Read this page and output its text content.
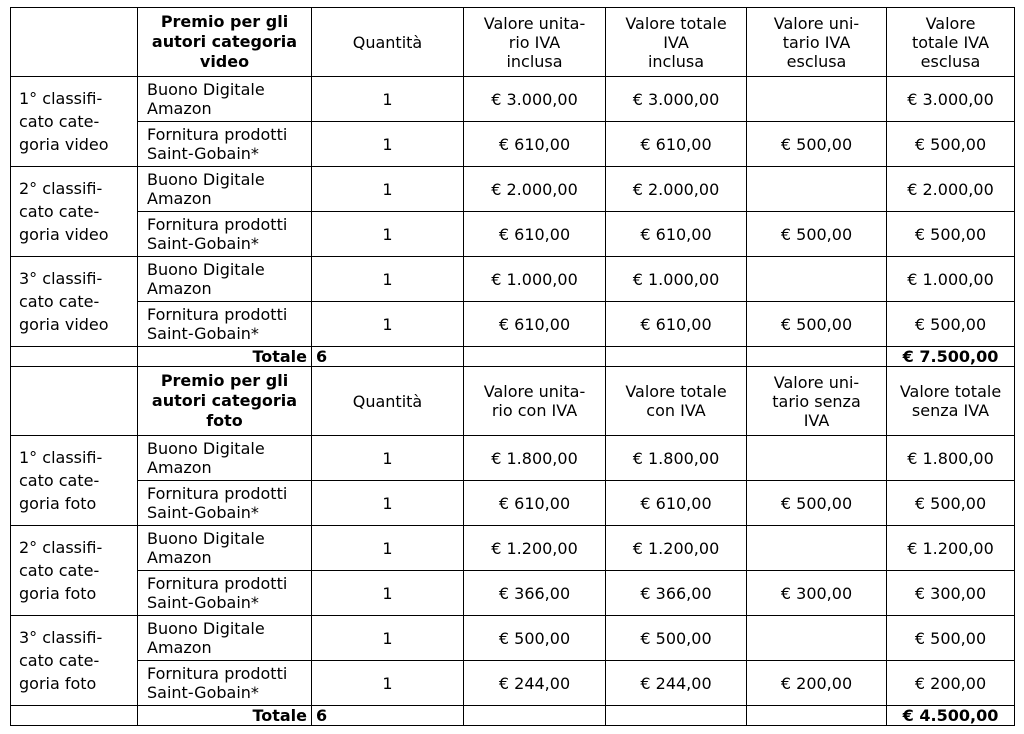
	Premio per gli
autori categoria
video	Quantità	Valore unita-
rio IVA
inclusa	Valore totale
IVA
inclusa	Valore uni-
tario IVA
esclusa	Valore
totale IVA
esclusa

1° classifi-
cato cate-
goria video	Buono Digitale
Amazon	1	€ 3.000,00	€ 3.000,00		€ 3.000,00

	Fornitura prodotti
Saint-Gobain*	1	€ 610,00	€ 610,00	€ 500,00	€ 500,00

2° classifi-
cato cate-
goria video	Buono Digitale
Amazon	1	€ 2.000,00	€ 2.000,00		€ 2.000,00

	Fornitura prodotti
Saint-Gobain*	1	€ 610,00	€ 610,00	€ 500,00	€ 500,00

3° classifi-
cato cate-
goria video	Buono Digitale
Amazon	1	€ 1.000,00	€ 1.000,00		€ 1.000,00

	Fornitura prodotti
Saint-Gobain*	1	€ 610,00	€ 610,00	€ 500,00	€ 500,00
	Totale	6				€ 7.500,00

	Premio per gli
autori categoria
foto	Quantità	Valore unita-
rio con IVA	Valore totale
con IVA	Valore uni-
tario senza
IVA	Valore totale
senza IVA

1° classifi-
cato cate-
goria foto	Buono Digitale
Amazon	1	€ 1.800,00	€ 1.800,00		€ 1.800,00

	Fornitura prodotti
Saint-Gobain*	1	€ 610,00	€ 610,00	€ 500,00	€ 500,00

2° classifi-
cato cate-
goria foto	Buono Digitale
Amazon	1	€ 1.200,00	€ 1.200,00		€ 1.200,00

	Fornitura prodotti
Saint-Gobain*	1	€ 366,00	€ 366,00	€ 300,00	€ 300,00

3° classifi-
cato cate-
goria foto	Buono Digitale
Amazon	1	€ 500,00	€ 500,00		€ 500,00

	Fornitura prodotti
Saint-Gobain*	1	€ 244,00	€ 244,00	€ 200,00	€ 200,00
	Totale	6				€ 4.500,00
